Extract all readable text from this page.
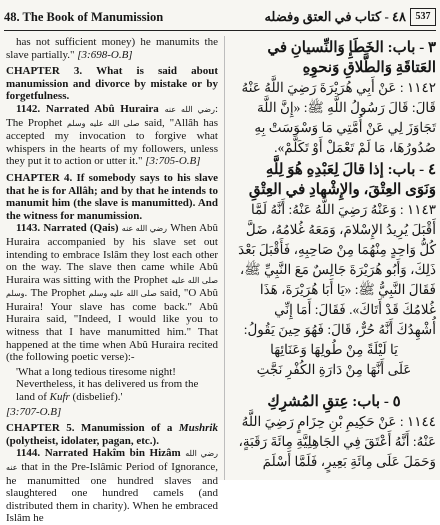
48. The Book of Manumission	٤٨ - كتاب في العتق وفضله 537

has not sufficient money) he manumits the slave partially." [3:698-O.B]

CHAPTER 3. What is said about manumission and divorce by mistake or by forgetfulness.

1142. Narrated Abû Huraira رضي الله عنه: The Prophet صلى الله عليه وسلم said, "Allâh has accepted my invocation to forgive what whispers in the hearts of my followers, unless they put it to action or utter it." [3:705-O.B]

CHAPTER 4. If somebody says to his slave that he is for Allâh; and by that he intends to manumit him (the slave is manumitted). And the witness for manumission.

1143. Narrated (Qais) رضي الله عنه When Abû Huraira accompanied by his slave set out intending to embrace Islâm they lost each other on the way. The slave then came while Abû Huraira was sitting with the Prophet صلى الله عليه وسلم. The Prophet صلى الله عليه وسلم said, "O Abû Huraira! Your slave has come back." Abû Huraira said, "Indeed, I would like you to witness that I have manumitted him." That happened at the time when Abû Huraira recited (the following poetic verse):-

'What a long tedious tiresome night! Nevertheless, it has delivered us from the land of Kufr (disbelief).'

[3:707-O.B]

CHAPTER 5. Manumission of a Mushrik (polytheist, idolater, pagan, etc.).

1144. Narrated Hakîm bin Hizâm رضي الله عنه that in the Pre-Islâmic Period of Ignorance, he manumitted one hundred slaves and slaughtered one hundred camels (and distributed them in charity). When he embraced Islâm he

٣ - باب: الخَطَإِ وَالنِّسيانِ في العَتاقَةِ وَالطَّلاقِ وَنحوِهِ

١١٤٢ : عَنْ أَبِي هُرَيْرَةَ رَضِيَ اللَّهُ عَنْهُ قَالَ: قَالَ رَسُولُ اللَّهِ ﷺ: «إِنَّ اللَّهَ تَجَاوَزَ لِي عَنْ أُمَّتِي مَا وَسْوَسَتْ بِهِ صُدُورُهَا، مَا لَمْ تَعْمَلْ أَوْ تَكَلَّمْ».

٤ - باب: إذا قالَ لِعَبْدِهِ هُوَ لِلَّهِ وَنَوَى العِتْقَ، والإِشْهادِ في العِتْقِ

١١٤٣ : وَعَنْهُ رَضِيَ اللَّهُ عَنْهُ: أَنَّهُ لَمَّا أَقْبَلَ يُرِيدُ الإِسْلامَ، وَمَعَهُ غُلامُهُ، ضَلَّ كُلُّ وَاحِدٍ مِنْهُمَا مِنْ صَاحِبِهِ، فَأَقْبَلَ بَعْدَ ذَلِكَ، وَأَبُو هُرَيْرَةَ جَالِسٌ مَعَ النَّبِيِّ ﷺ، فَقَالَ النَّبِيُّ ﷺ: «يَا أَبَا هُرَيْرَةَ، هَذَا غُلامُكَ قَدْ أَتَاكَ». فَقَالَ: أَمَا إِنِّي أُشْهِدُكَ أَنَّهُ حُرٌّ، قَالَ: فَهُوَ حِينَ يَقُولُ:

يَا لَيْلَةً مِنْ طُولِهَا وَعَنَائِهَا

عَلَى أَنَّهَا مِنْ دَارَةِ الكُفْرِ نَجَّتِ

٥ - باب: عِتقِ المُشرِكِ

١١٤٤ : عَنْ حَكِيمِ بْنِ حِزَامٍ رَضِيَ اللَّهُ عَنْهُ: أَنَّهُ أَعْتَقَ فِي الجَاهِلِيَّةِ مِائَةَ رَقَبَةٍ، وَحَمَلَ عَلَى مِائَةِ بَعِيرٍ، فَلَمَّا أَسْلَمَ
